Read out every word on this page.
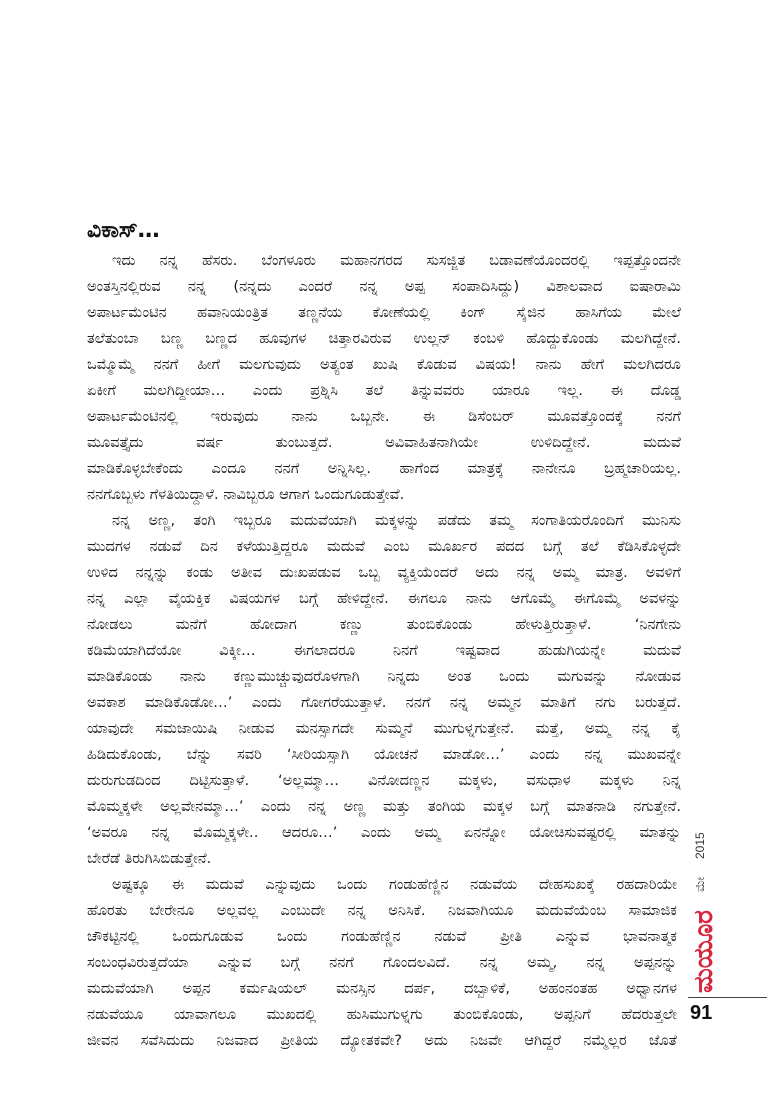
ವಿಕಾಸ್…
ಇದು ನನ್ನ ಹೆಸರು. ಬೆಂಗಳೂರು ಮಹಾನಗರದ ಸುಸಜ್ಜಿತ ಬಡಾವಣೆಯೊಂದರಲ್ಲಿ ಇಪ್ಪತ್ತೊಂದನೇ
ಅಂತಸ್ತಿನಲ್ಲಿರುವ ನನ್ನ (ನನ್ನದು ಎಂದರೆ ನನ್ನ ಅಪ್ಪ ಸಂಪಾದಿಸಿದ್ದು) ವಿಶಾಲವಾದ ಐಷಾರಾಮಿ
ಅಪಾರ್ಟಮೆಂಟಿನ ಹವಾನಿಯಂತ್ರಿತ ತಣ್ಣನೆಯ ಕೋಣೆಯಲ್ಲಿ ಕಿಂಗ್ ಸೈಜಿನ ಹಾಸಿಗೆಯ ಮೇಲೆ
ತಲೆತುಂಬಾ ಬಣ್ಣ ಬಣ್ಣದ ಹೂವುಗಳ ಚಿತ್ತಾರವಿರುವ ಉಲ್ಲನ್ ಕಂಬಳಿ ಹೊದ್ದುಕೊಂಡು ಮಲಗಿದ್ದೇನೆ.
ಒಮ್ಮೊಮ್ಮೆ ನನಗೆ ಹೀಗೆ ಮಲಗುವುದು ಅತ್ಯಂತ ಖುಷಿ ಕೊಡುವ ವಿಷಯ! ನಾನು ಹೇಗೆ ಮಲಗಿದರೂ
ಏಕೀಗೆ ಮಲಗಿದ್ದೀಯಾ… ಎಂದು ಪ್ರಶ್ನಿಸಿ ತಲೆ ತಿನ್ನುವವರು ಯಾರೂ ಇಲ್ಲ. ಈ ದೊಡ್ಡ
ಅಪಾರ್ಟಮೆಂಟಿನಲ್ಲಿ ಇರುವುದು ನಾನು ಒಬ್ಬನೇ. ಈ ಡಿಸೆಂಬರ್ ಮೂವತ್ತೊಂದಕ್ಕೆ ನನಗೆ
ಮೂವತ್ತೈದು ವರ್ಷ ತುಂಬುತ್ತದೆ. ಅವಿವಾಹಿತನಾಗಿಯೇ ಉಳಿದಿದ್ದೇನೆ. ಮದುವೆ
ಮಾಡಿಕೊಳ್ಳಬೇಕೆಂದು ಎಂದೂ ನನಗೆ ಅನ್ನಿಸಿಲ್ಲ. ಹಾಗೆಂದ ಮಾತ್ರಕ್ಕೆ ನಾನೇನೂ ಬ್ರಹ್ಮಚಾರಿಯಲ್ಲ.
ನನಗೊಬ್ಬಳು ಗೆಳತಿಯಿದ್ದಾಳೆ. ನಾವಿಬ್ಬರೂ ಆಗಾಗ ಒಂದುಗೂಡುತ್ತೇವೆ.
ನನ್ನ ಅಣ್ಣ, ತಂಗಿ ಇಬ್ಬರೂ ಮದುವೆಯಾಗಿ ಮಕ್ಕಳನ್ನು ಪಡೆದು ತಮ್ಮ ಸಂಗಾತಿಯರೊಂದಿಗೆ ಮುನಿಸು
ಮುದಗಳ ನಡುವೆ ದಿನ ಕಳೆಯುತ್ತಿದ್ದರೂ ಮದುವೆ ಎಂಬ ಮೂರ್ಖರ ಪದದ ಬಗ್ಗೆ ತಲೆ ಕೆಡಿಸಿಕೊಳ್ಳದೇ
ಉಳಿದ ನನ್ನನ್ನು ಕಂಡು ಅತೀವ ದುಃಖಪಡುವ ಒಬ್ಬ ವ್ಯಕ್ತಿಯೆಂದರೆ ಅದು ನನ್ನ ಅಮ್ಮ ಮಾತ್ರ. ಅವಳಿಗೆ
ನನ್ನ ಎಲ್ಲಾ ವೈಯಕ್ತಿಕ ವಿಷಯಗಳ ಬಗ್ಗೆ ಹೇಳಿದ್ದೇನೆ. ಈಗಲೂ ನಾನು ಆಗೊಮ್ಮೆ ಈಗೊಮ್ಮೆ ಅವಳನ್ನು
ನೋಡಲು ಮನೆಗೆ ಹೋದಾಗ ಕಣ್ಣು ತುಂಬಿಕೊಂಡು ಹೇಳುತ್ತಿರುತ್ತಾಳೆ. ‘ನಿನಗೇನು
ಕಡಿಮೆಯಾಗಿದೆಯೋ ವಿಕ್ಕೀ… ಈಗಲಾದರೂ ನಿನಗೆ ಇಷ್ಟವಾದ ಹುಡುಗಿಯನ್ನೇ ಮದುವೆ
ಮಾಡಿಕೊಂಡು ನಾನು ಕಣ್ಣುಮುಚ್ಚುವುದರೊಳಗಾಗಿ ನಿನ್ನದು ಅಂತ ಒಂದು ಮಗುವನ್ನು ನೋಡುವ
ಅವಕಾಶ ಮಾಡಿಕೊಡೋ…’ ಎಂದು ಗೋಗರೆಯುತ್ತಾಳೆ. ನನಗೆ ನನ್ನ ಅಮ್ಮನ ಮಾತಿಗೆ ನಗು ಬರುತ್ತದೆ.
ಯಾವುದೇ ಸಮಜಾಯಿಷಿ ನೀಡುವ ಮನಸ್ಸಾಗದೇ ಸುಮ್ಮನೆ ಮುಗುಳ್ನಗುತ್ತೇನೆ. ಮತ್ತೆ, ಅಮ್ಮ ನನ್ನ ಕೈ
ಹಿಡಿದುಕೊಂಡು, ಬೆನ್ನು ಸವರಿ ‘ಸೀರಿಯಸ್ಸಾಗಿ ಯೋಚನೆ ಮಾಡೋ…’ ಎಂದು ನನ್ನ ಮುಖವನ್ನೇ
ದುರುಗುಡದಿಂದ ದಿಟ್ಟಿಸುತ್ತಾಳೆ. ‘ಅಲ್ಲಮ್ಮಾ… ವಿನೋದಣ್ಣನ ಮಕ್ಕಳು, ವಸುಧಾಳ ಮಕ್ಕಳು ನಿನ್ನ
ಮೊಮ್ಮಕ್ಕಳೇ ಅಲ್ಲವೇನಮ್ಮಾ…’ ಎಂದು ನನ್ನ ಅಣ್ಣ ಮತ್ತು ತಂಗಿಯ ಮಕ್ಕಳ ಬಗ್ಗೆ ಮಾತನಾಡಿ ನಗುತ್ತೇನೆ.
‘ಅವರೂ ನನ್ನ ಮೊಮ್ಮಕ್ಕಳೇ.. ಆದರೂ…’ ಎಂದು ಅಮ್ಮ ಏನನ್ನೋ ಯೋಚಿಸುವಷ್ಟರಲ್ಲಿ ಮಾತನ್ನು
ಬೇರೆಡೆ ತಿರುಗಿಸಿಬಿಡುತ್ತೇನೆ.
ಅಷ್ಟಕ್ಕೂ ಈ ಮದುವೆ ಎನ್ನುವುದು ಒಂದು ಗಂಡುಹೆಣ್ಣಿನ ನಡುವೆಯ ದೇಹಸುಖಕ್ಕೆ ರಹದಾರಿಯೇ
ಹೊರತು ಬೇರೇನೂ ಅಲ್ಲವಲ್ಲ ಎಂಬುದೇ ನನ್ನ ಅನಿಸಿಕೆ. ನಿಜವಾಗಿಯೂ ಮದುವೆಯೆಂಬ ಸಾಮಾಜಿಕ
ಚೌಕಟ್ಟಿನಲ್ಲಿ ಒಂದುಗೂಡುವ ಒಂದು ಗಂಡುಹೆಣ್ಣಿನ ನಡುವೆ ಪ್ರೀತಿ ಎನ್ನುವ ಭಾವನಾತ್ಮಕ
ಸಂಬಂಧವಿರುತ್ತದೆಯಾ ಎನ್ನುವ ಬಗ್ಗೆ ನನಗೆ ಗೊಂದಲವಿದೆ. ನನ್ನ ಅಮ್ಮ, ನನ್ನ ಅಪ್ಪನನ್ನು
ಮದುವೆಯಾಗಿ ಅಪ್ಪನ ಕರ್ಮಷಿಯಲ್ ಮನಸ್ಸಿನ ದರ್ಪ, ದಬ್ಬಾಳಿಕೆ, ಅಹಂನಂತಹ ಅಧ್ವಾನಗಳ
ನಡುವೆಯೂ ಯಾವಾಗಲೂ ಮುಖದಲ್ಲಿ ಹುಸಿಮುಗುಳ್ನಗು ತುಂಬಿಕೊಂಡು, ಅಪ್ಪನಿಗೆ ಹೆದರುತ್ತಲೇ
ಜೀವನ ಸವೆಸಿದುದು ನಿಜವಾದ ಪ್ರೀತಿಯ ದ್ಯೋತಕವೇ? ಅದು ನಿಜವೇ ಆಗಿದ್ದರೆ ನಮ್ಮೆಲ್ಲರ ಜೊತೆ
2015
ಮೇ
ಮಯೂರ
91
